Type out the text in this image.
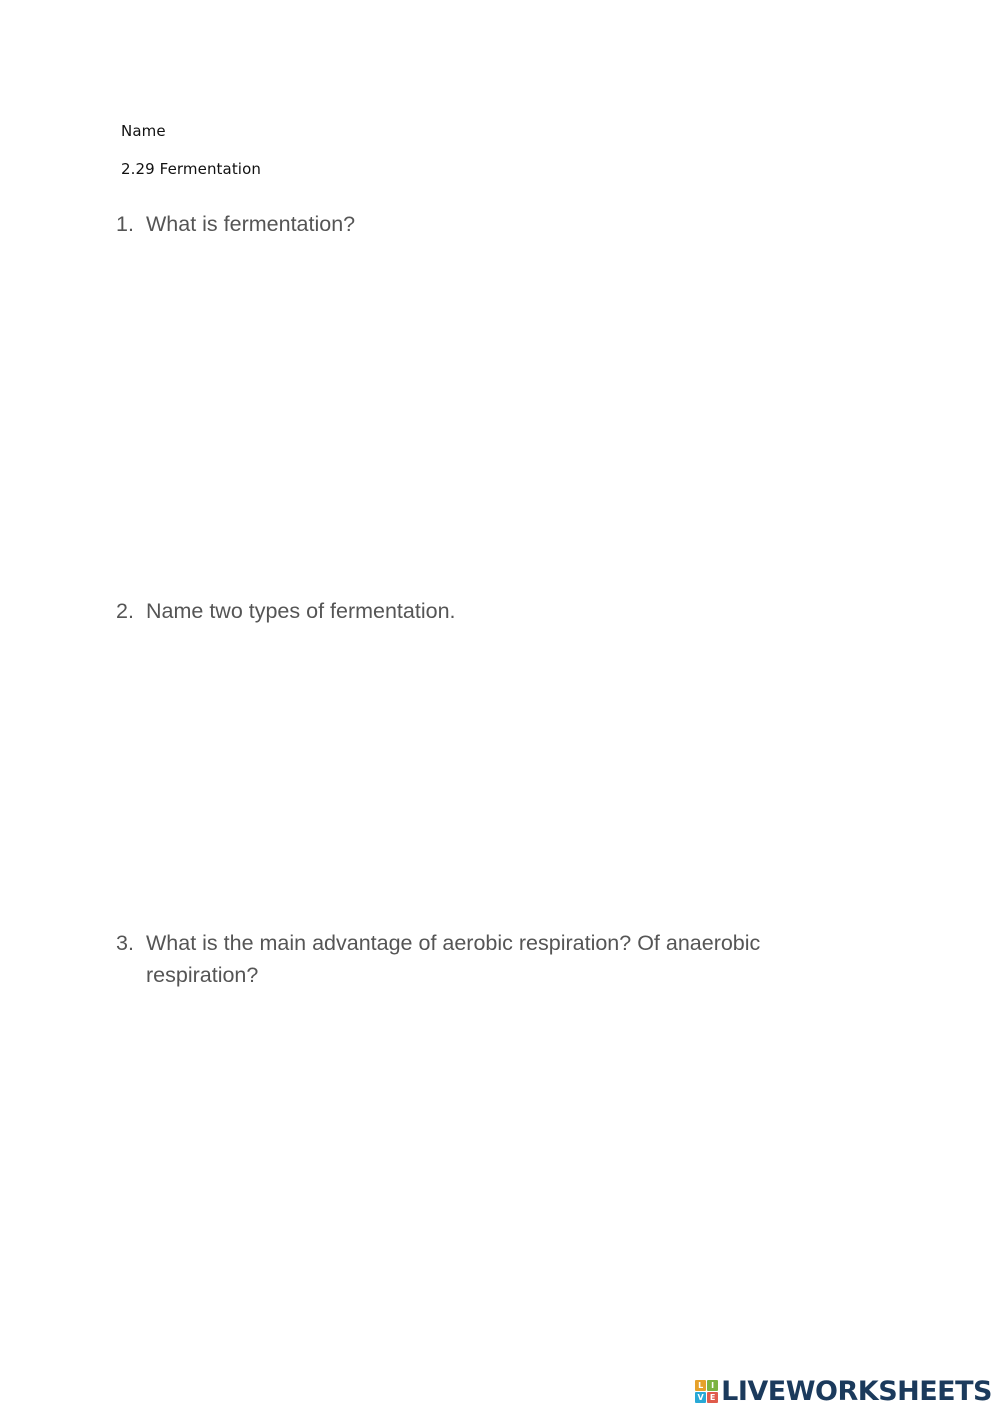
Name
2.29 Fermentation
1. What is fermentation?
2. Name two types of fermentation.
3. What is the main advantage of aerobic respiration? Of anaerobic respiration?
L I
V E LIVEWORKSHEETS
